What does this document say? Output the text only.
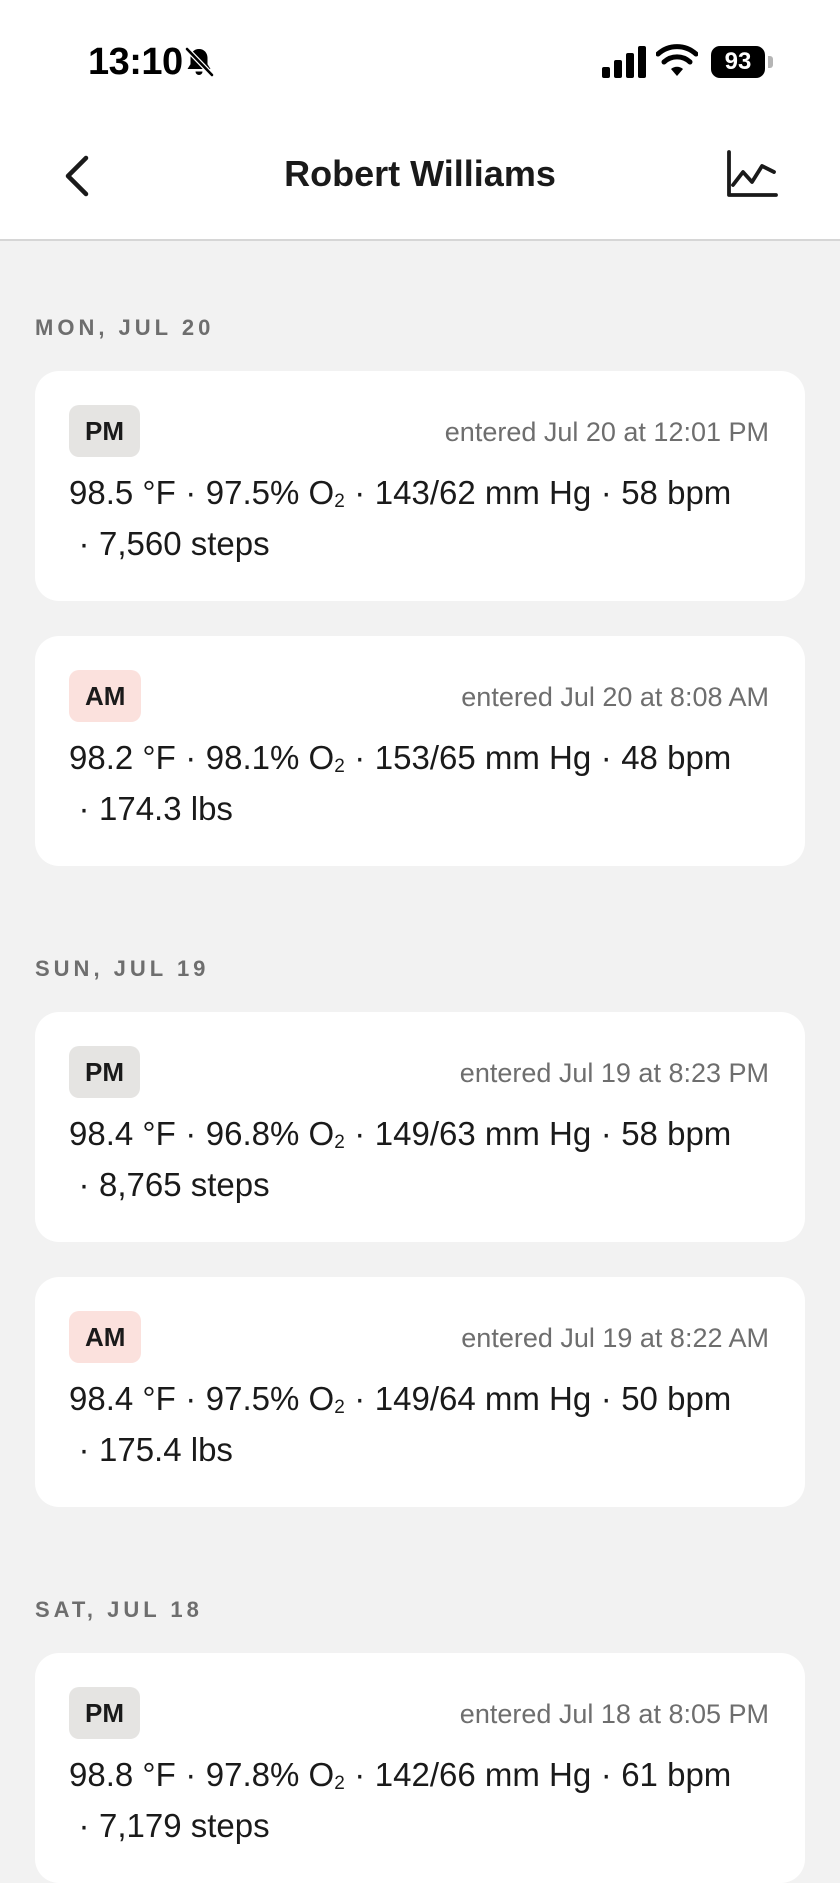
13:10	93
Robert Williams
MON, JUL 20
PM	entered Jul 20 at 12:01 PM
98.5 °F · 97.5% $O_2 \cdot 143/62$ mm Hg · 58 bpm· 7,560 steps
AM	entered Jul 20 at 8:08 AM
98.2 °F · 98.1% $O_2 \cdot 153/65$ mm Hg · 48 bpm· 174.3 lbs
SUN, JUL 19
PM	entered Jul 19 at 8:23 PM
98.4 °F · 96.8% $O_2 \cdot 149/63$ mm Hg · 58 bpm· 8,765 steps
AM	entered Jul 19 at 8:22 AM
98.4 °F · 97.5% $O_2 \cdot 149/64$ mm Hg · 50 bpm· 175.4 lbs
SAT, JUL 18
PM	entered Jul 18 at 8:05 PM
98.8 °F · 97.8% $O_2 \cdot 142/66$ mm Hg · 61 bpm· 7,179 steps
